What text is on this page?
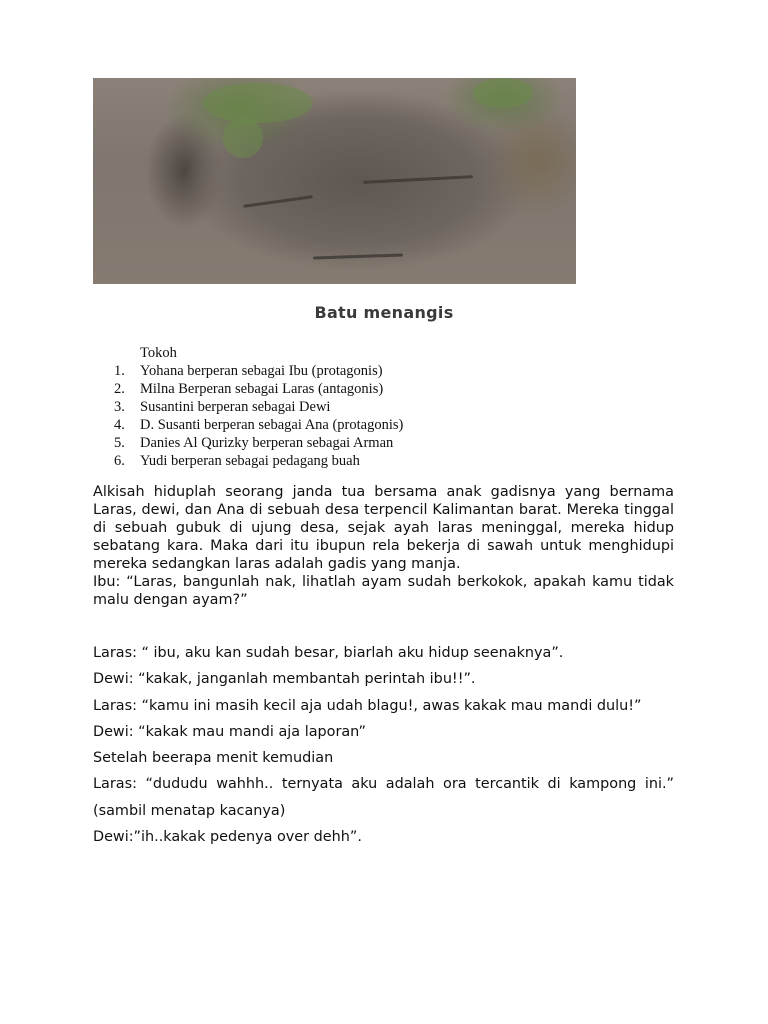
Batu menangis
Tokoh
1.	Yohana berperan sebagai Ibu (protagonis)
2.	Milna Berperan sebagai Laras (antagonis)
3.	Susantini berperan sebagai Dewi
4.	D. Susanti berperan sebagai Ana (protagonis)
5.	Danies Al Qurizky berperan sebagai Arman
6.	Yudi berperan sebagai pedagang buah

Alkisah hiduplah seorang janda tua bersama anak gadisnya yang bernama Laras, dewi, dan Ana di sebuah desa terpencil Kalimantan barat. Mereka tinggal di sebuah gubuk di ujung desa, sejak ayah laras meninggal, mereka hidup sebatang kara. Maka dari itu ibupun rela bekerja di sawah untuk menghidupi mereka sedangkan laras adalah gadis yang manja.

Ibu: “Laras, bangunlah nak, lihatlah ayam sudah berkokok, apakah kamu tidak malu dengan ayam?”

Laras: “ ibu, aku kan sudah besar, biarlah aku hidup seenaknya”.

Dewi: “kakak, janganlah membantah perintah ibu!!”.

Laras: “kamu ini masih kecil aja udah blagu!, awas kakak mau mandi dulu!”

Dewi: “kakak mau mandi aja laporan”

Setelah beerapa menit kemudian

Laras: “dududu wahhh.. ternyata aku adalah ora tercantik di kampong ini.” (sambil menatap kacanya)

Dewi:”ih..kakak pedenya over dehh”.
